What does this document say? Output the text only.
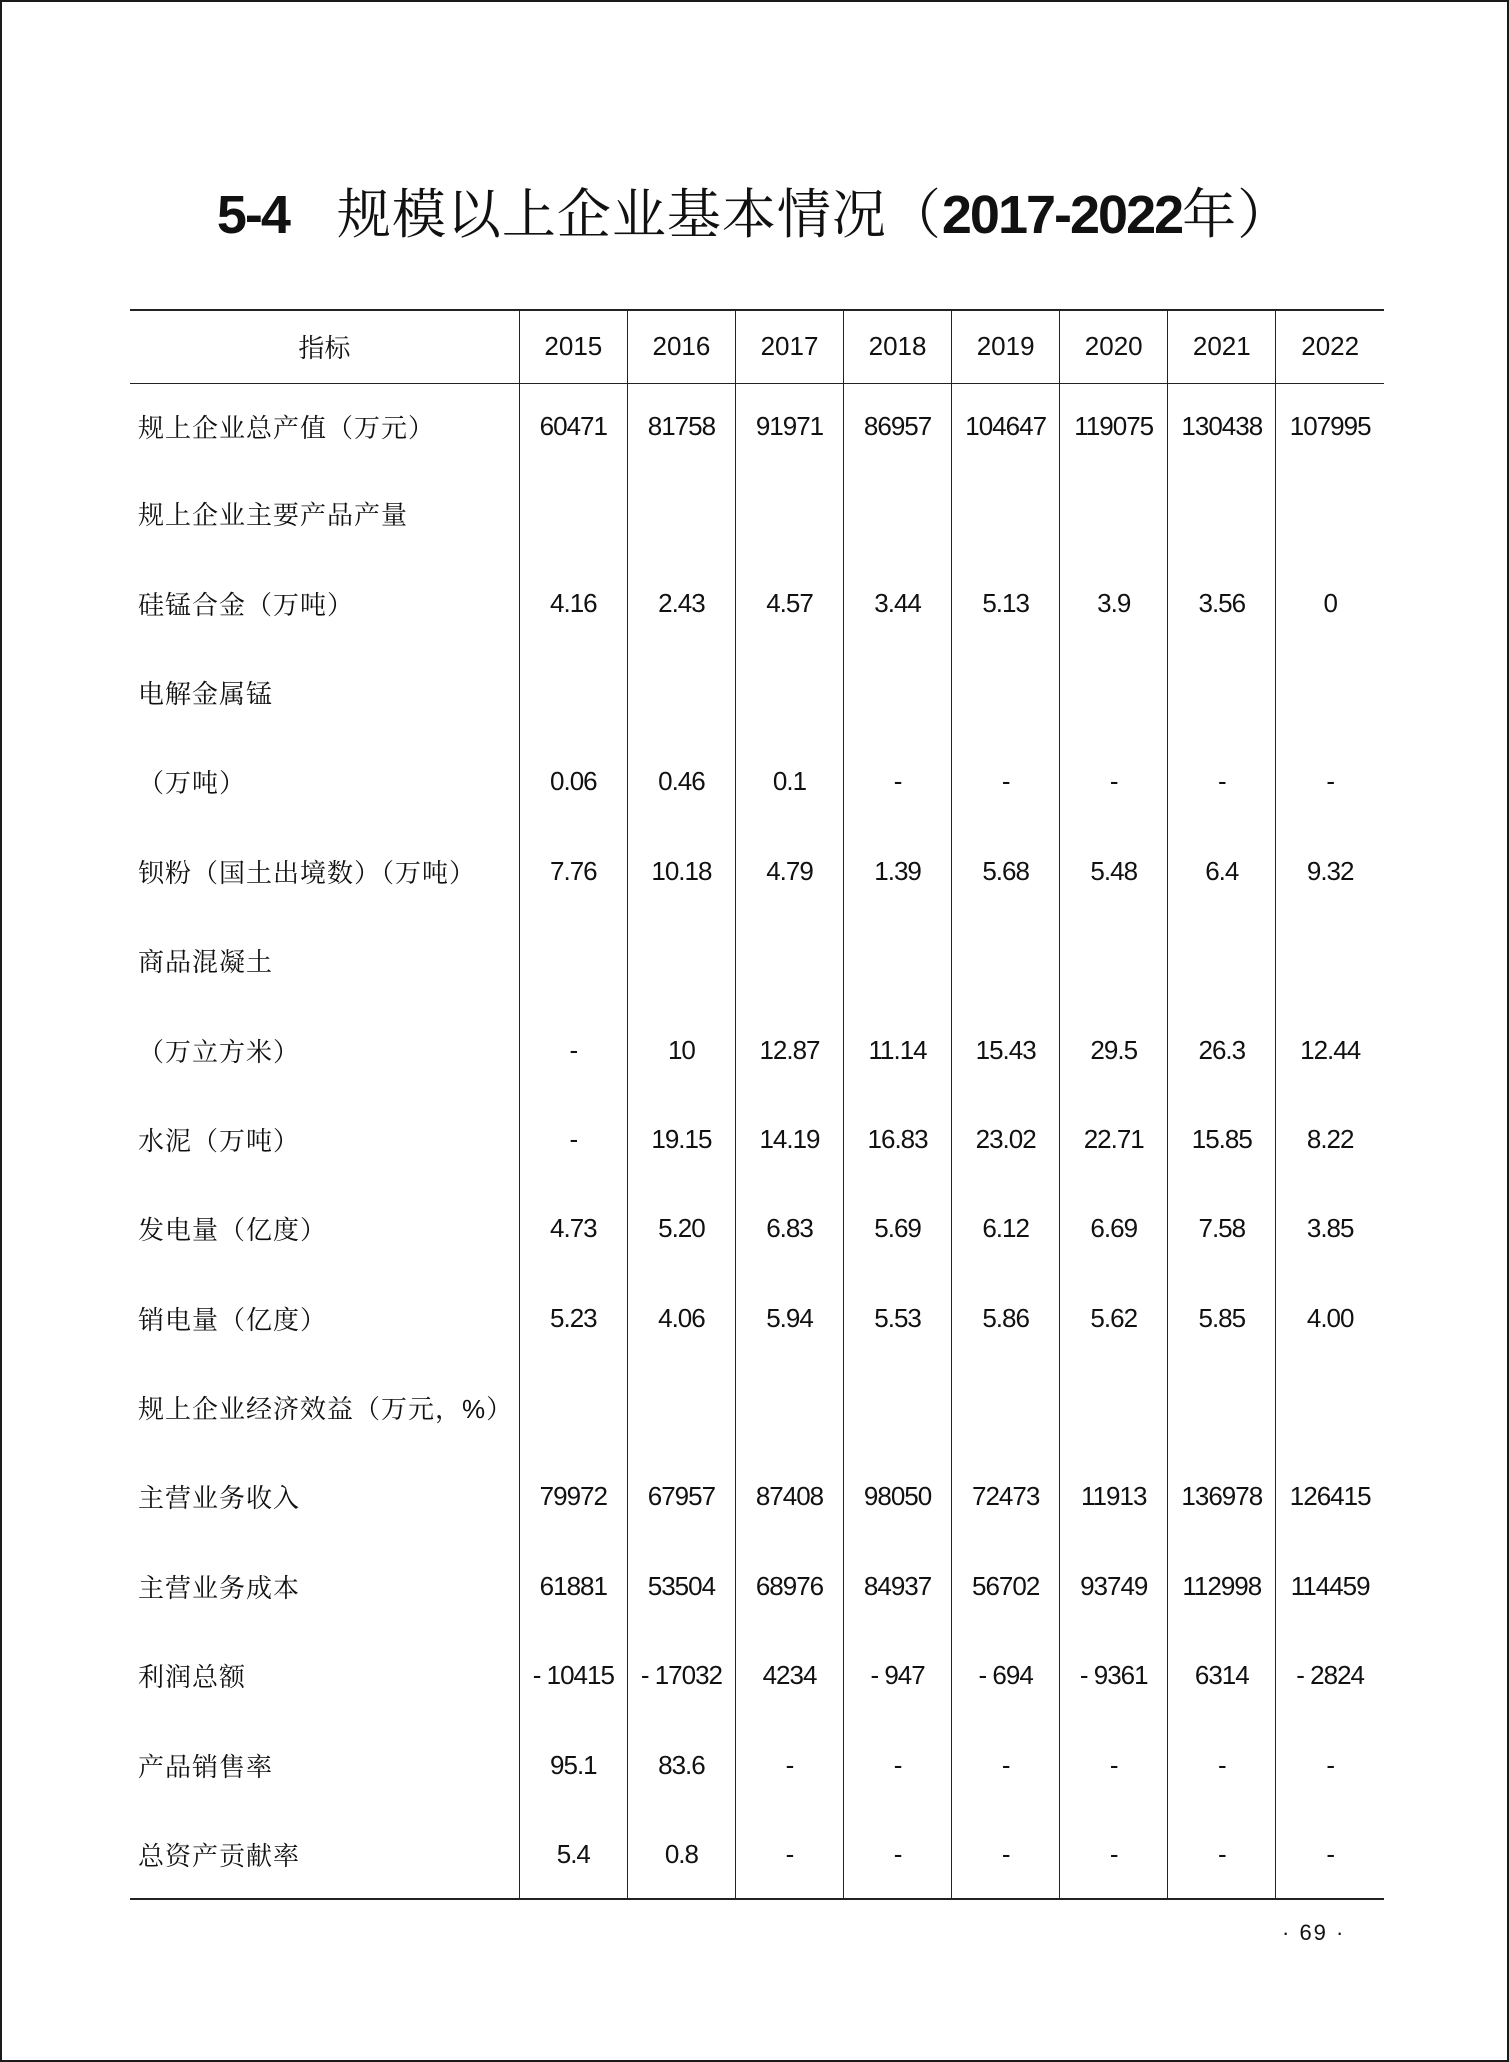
5-4 规模以上企业基本情况（2017-2022年）
指标	2015	2016	2017	2018	2019	2020	2021	2022
规上企业总产值（万元）	60471	81758	91971	86957	104647	119075	130438	107995
规上企业主要产品产量								
硅锰合金（万吨）	4.16	2.43	4.57	3.44	5.13	3.9	3.56	0
电解金属锰								
（万吨）	0.06	0.46	0.1	-	-	-	-	-
钡粉（国土出境数）（万吨）	7.76	10.18	4.79	1.39	5.68	5.48	6.4	9.32
商品混凝土								
（万立方米）	-	10	12.87	11.14	15.43	29.5	26.3	12.44
水泥（万吨）	-	19.15	14.19	16.83	23.02	22.71	15.85	8.22
发电量（亿度）	4.73	5.20	6.83	5.69	6.12	6.69	7.58	3.85
销电量（亿度）	5.23	4.06	5.94	5.53	5.86	5.62	5.85	4.00
规上企业经济效益（万元，%）								
主营业务收入	79972	67957	87408	98050	72473	11913	136978	126415
主营业务成本	61881	53504	68976	84937	56702	93749	112998	114459
利润总额	- 10415	- 17032	4234	- 947	- 694	- 9361	6314	- 2824
产品销售率	95.1	83.6	-	-	-	-	-	-
总资产贡献率	5.4	0.8	-	-	-	-	-	-
· 69 ·
